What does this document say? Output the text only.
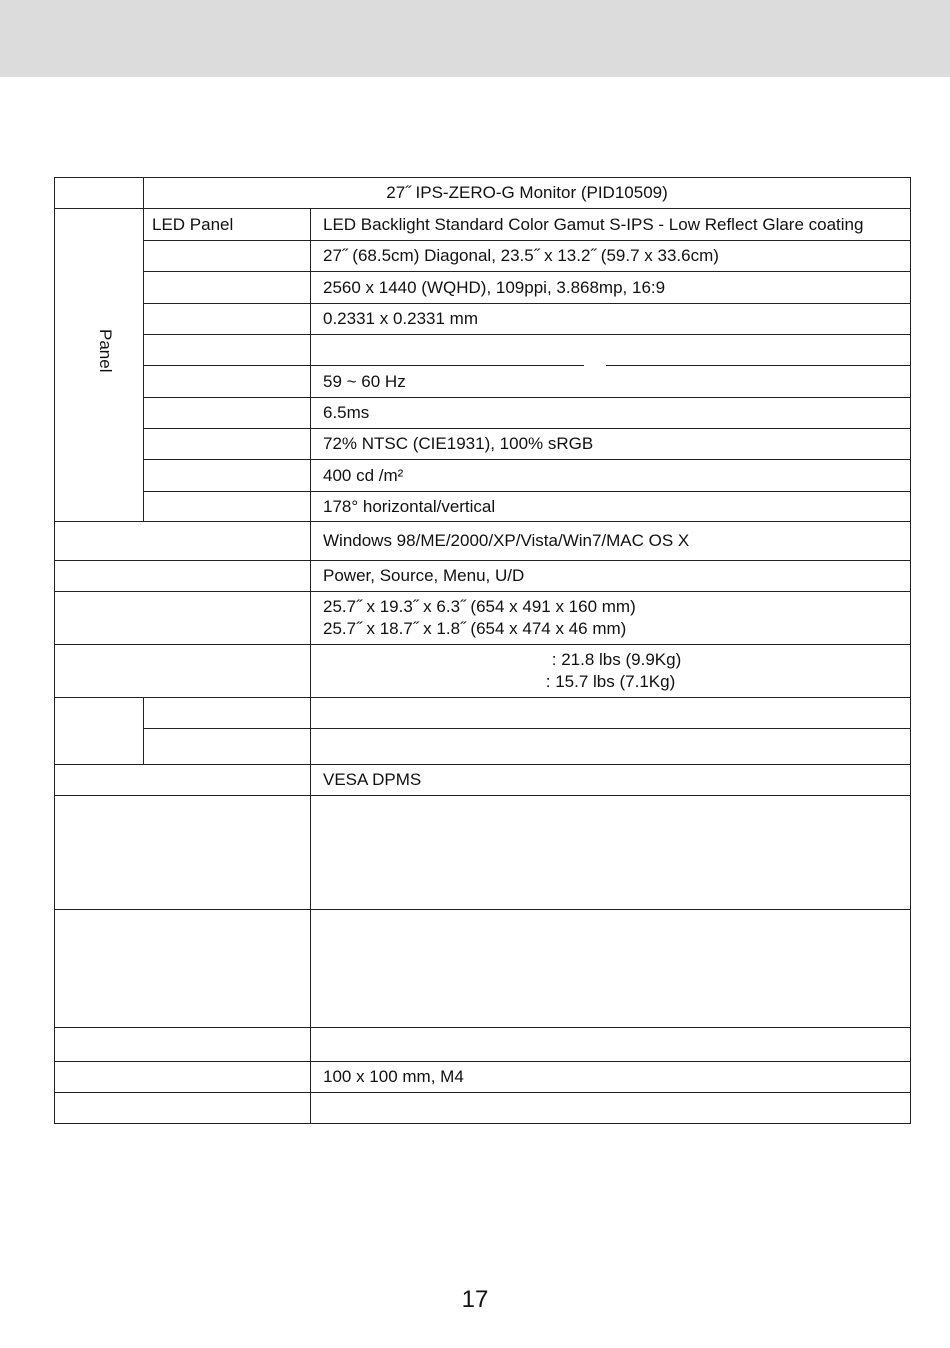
	27˝ IPS-ZERO-G Monitor (PID10509)	
Panel	LED Panel	LED Backlight Standard Color Gamut S-IPS - Low Reflect Glare coating
		27˝ (68.5cm) Diagonal, 23.5˝ x 13.2˝ (59.7 x 33.6cm)
		2560 x 1440 (WQHD), 109ppi, 3.868mp, 16:9
		0.2331 x 0.2331 mm

		59 ~ 60 Hz
		6.5ms
		72% NTSC (CIE1931), 100% sRGB
		400 cd /m²
		178° horizontal/vertical
		Windows 98/ME/2000/XP/Vista/Win7/MAC OS X
		Power, Source, Menu, U/D

		25.7˝ x 19.3˝ x 6.3˝ (654 x 491 x 160 mm)
25.7˝ x 18.7˝ x 1.8˝ (654 x 474 x 46 mm)

		: 21.8 lbs (9.9Kg)
: 15.7 lbs (7.1Kg)

		VESA DPMS

		100 x 100 mm, M4

17
